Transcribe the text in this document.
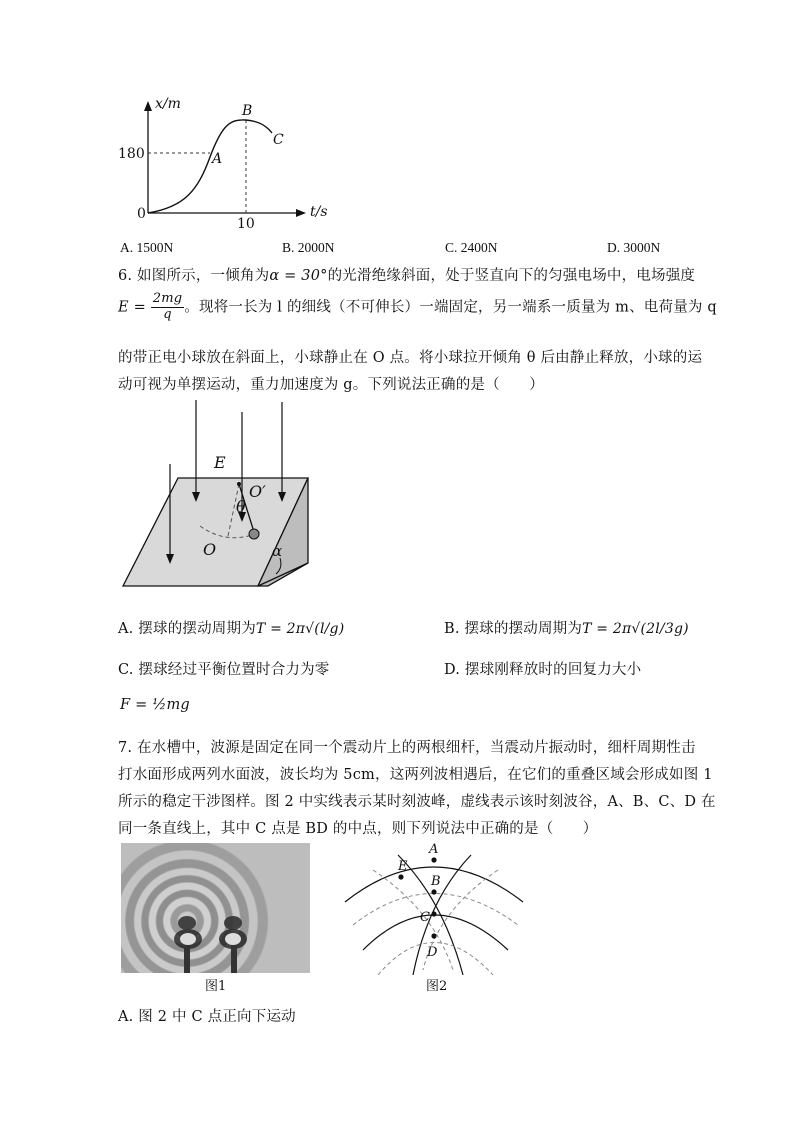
x/m
t/s
0
180
10
A
B
C
A. 1500N	B. 2000N	C. 2400N	D. 3000N
6. 如图所示，一倾角为α = 30°的光滑绝缘斜面，处于竖直向下的匀强电场中，电场强度
$E = \frac{2mg}{q}$ 。现将一长为 l 的细线（不可伸长）一端固定，另一端系一质量为 m、电荷量为 q
的带正电小球放在斜面上，小球静止在 O 点。将小球拉开倾角 θ 后由静止释放，小球的运
动可视为单摆运动，重力加速度为 g。下列说法正确的是（　　）
E
O′
θ
O	α
A. 摆球的摆动周期为T = 2π√(l/g)	B. 摆球的摆动周期为T = 2π√(2l/3g)
C. 摆球经过平衡位置时合力为零	D. 摆球刚释放时的回复力大小
F = ½mg
7. 在水槽中，波源是固定在同一个震动片上的两根细杆，当震动片振动时，细杆周期性击
打水面形成两列水面波，波长均为 5cm，这两列波相遇后，在它们的重叠区域会形成如图 1
所示的稳定干涉图样。图 2 中实线表示某时刻波峰，虚线表示该时刻波谷，A、B、C、D 在
同一条直线上，其中 C 点是 BD 的中点，则下列说法中正确的是（　　）
图1
A
B
C
D
E
图2
A. 图 2 中 C 点正向下运动
